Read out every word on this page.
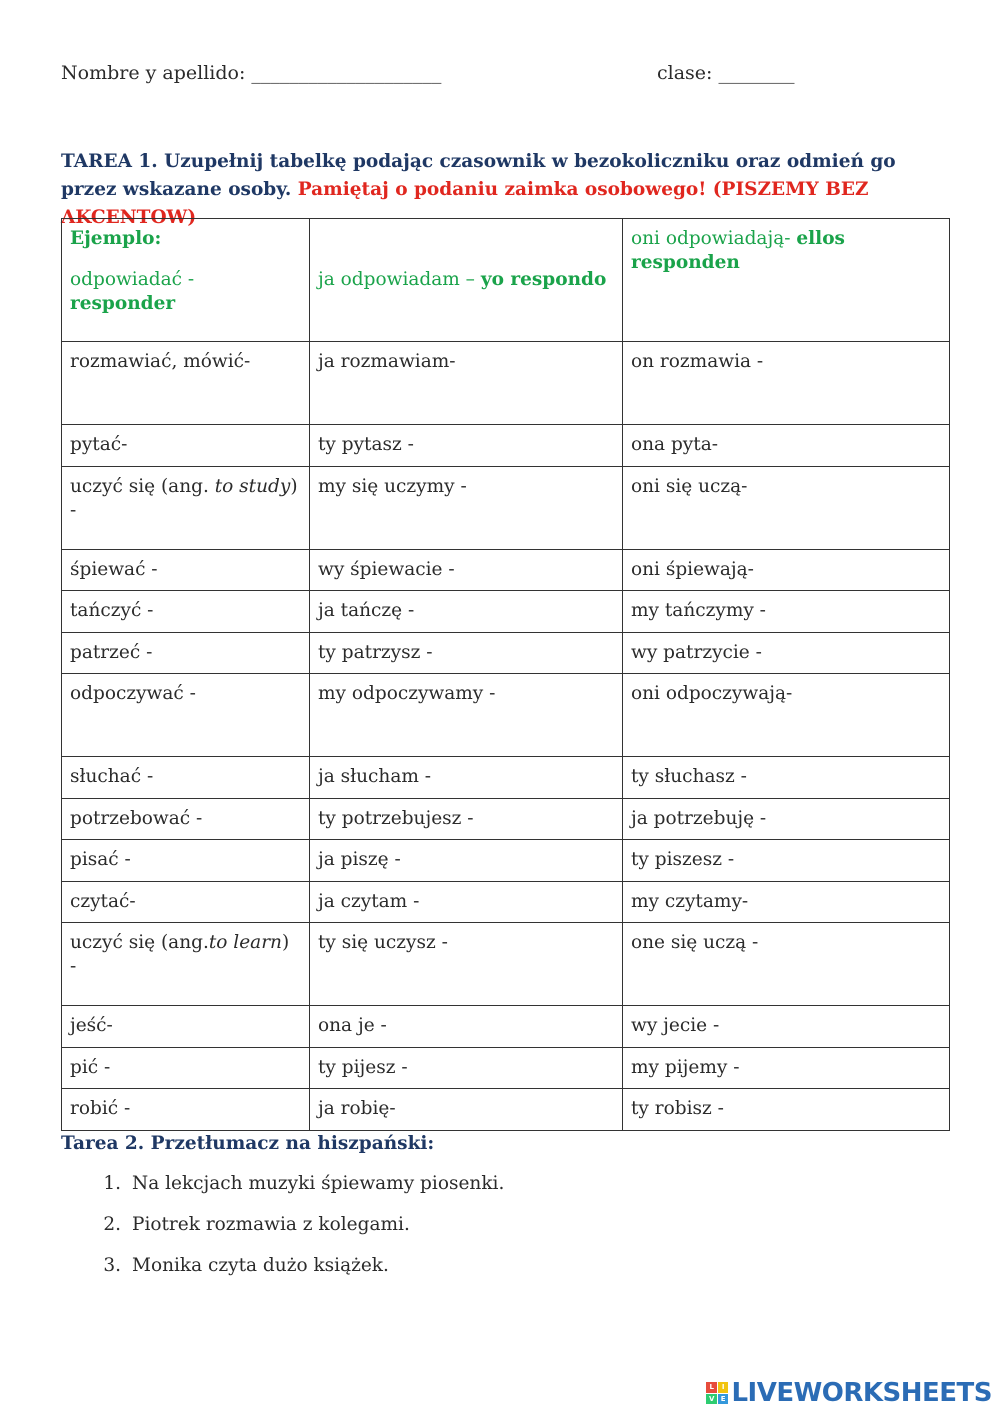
Nombre y apellido: ____________________	clase: ________
TAREA 1. Uzupełnij tabelkę podając czasownik w bezokoliczniku oraz odmień go przez wskazane osoby. Pamiętaj o podaniu zaimka osobowego! (PISZEMY BEZ AKCENTOW)
Ejemplo:
odpowiadać - responder	ja odpowiadam – yo respondo	oni odpowiadają- ellos responden

rozmawiać, mówić-	ja rozmawiam-	on rozmawia -
pytać-	ty pytasz -	ona pyta-
uczyć się (ang. to study) -	my się uczymy -	oni się uczą-
śpiewać -	wy śpiewacie -	oni śpiewają-
tańczyć -	ja tańczę -	my tańczymy -
patrzeć -	ty patrzysz -	wy patrzycie -
odpoczywać -	my odpoczywamy -	oni odpoczywają-
słuchać -	ja słucham -	ty słuchasz -
potrzebować -	ty potrzebujesz -	ja potrzebuję -
pisać -	ja piszę -	ty piszesz -
czytać-	ja czytam -	my czytamy-
uczyć się (ang.to learn) -	ty się uczysz -	one się uczą -
jeść-	ona je -	wy jecie -
pić -	ty pijesz -	my pijemy -
robić -	ja robię-	ty robisz -
Tarea 2. Przetłumacz na hiszpański:
1. Na lekcjach muzyki śpiewamy piosenki.
2. Piotrek rozmawia z kolegami.
3. Monika czyta dużo książek.
L	I
V E LIVEWORKSHEETS
